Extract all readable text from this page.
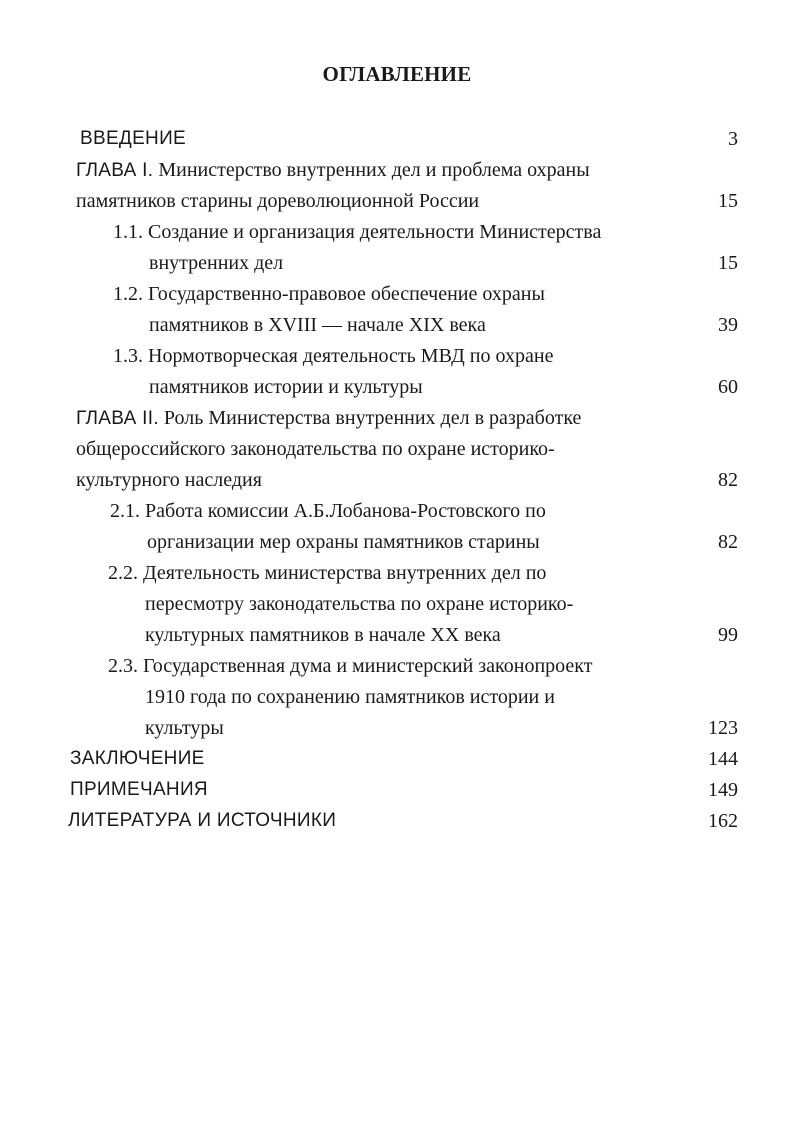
ОГЛАВЛЕНИЕ
ВВЕДЕНИЕ	3
ГЛАВА I. Министерство внутренних дел и проблема охраны
памятников старины дореволюционной России	15
1.1. Создание и организация деятельности Министерства
внутренних дел	15
1.2. Государственно-правовое обеспечение охраны
памятников в XVIII — начале XIX века	39
1.3. Нормотворческая деятельность МВД по охране
памятников истории и культуры	60
ГЛАВА II. Роль Министерства внутренних дел в разработке
общероссийского законодательства по охране историко-
культурного наследия	82
2.1. Работа комиссии А.Б.Лобанова-Ростовского по
организации мер охраны памятников старины	82
2.2. Деятельность министерства внутренних дел по
пересмотру законодательства по охране историко-
культурных памятников в начале XX века	99
2.3. Государственная дума и министерский законопроект
1910 года по сохранению памятников истории и
культуры	123
ЗАКЛЮЧЕНИЕ	144
ПРИМЕЧАНИЯ	149
ЛИТЕРАТУРА И ИСТОЧНИКИ	162
